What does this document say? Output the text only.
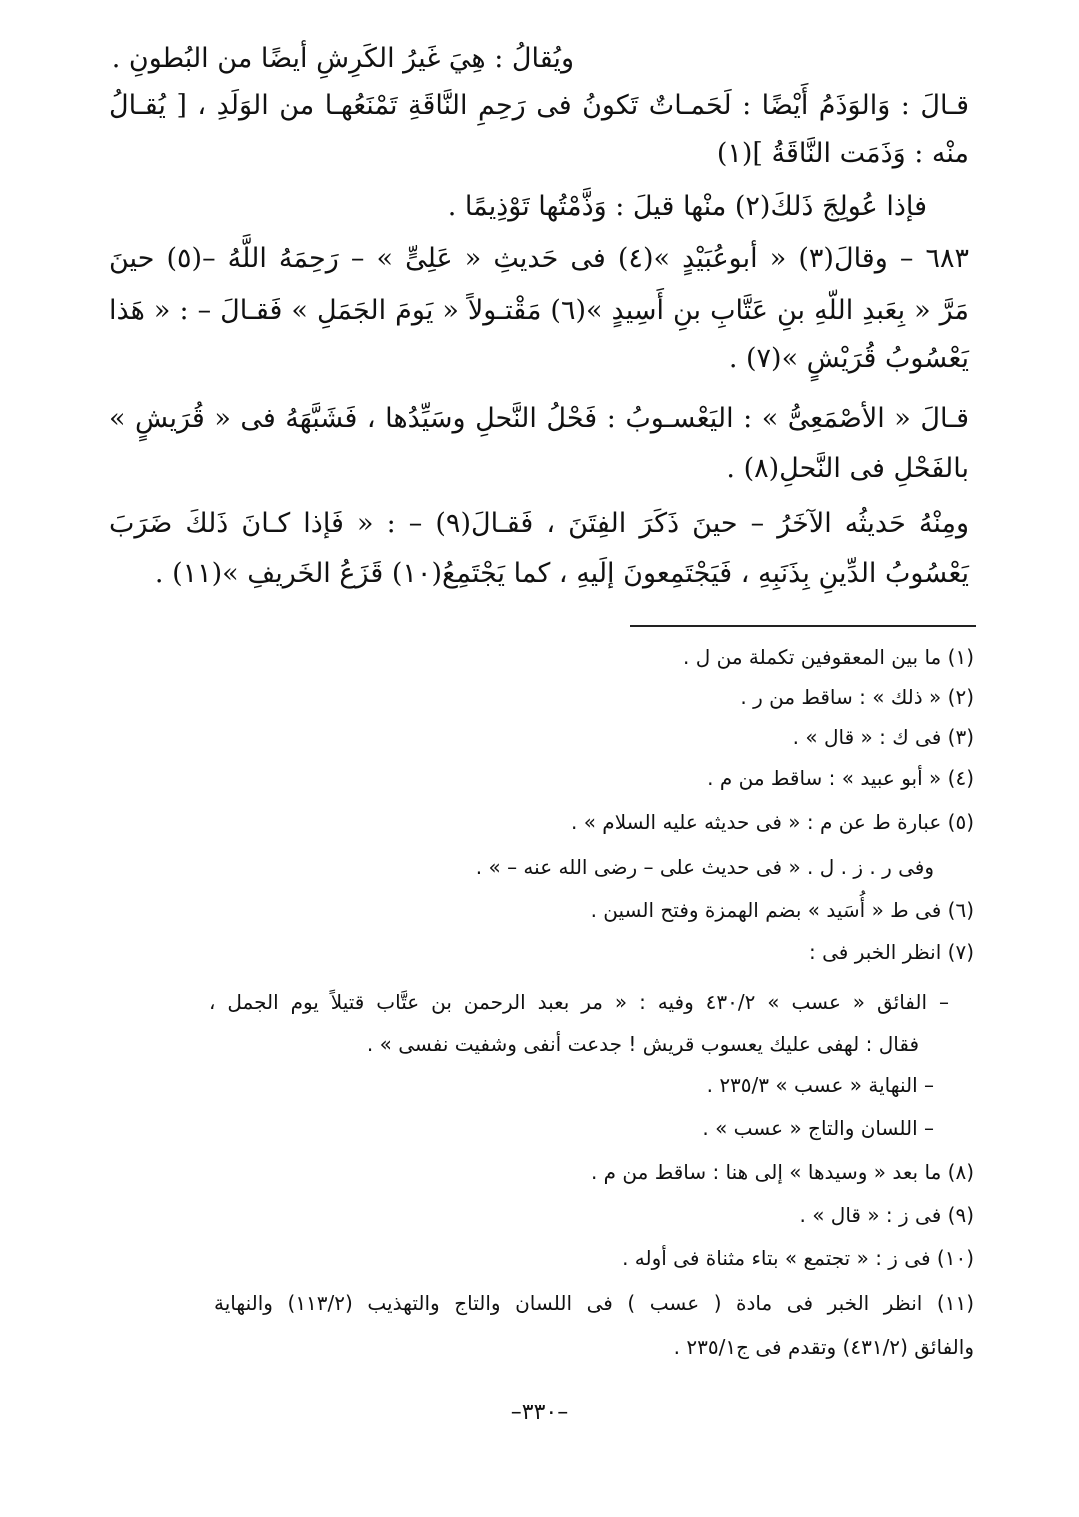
ويُقالُ : هِيَ غَيرُ الكَرِشِ أيضًا من البُطونِ .
قـالَ : وَالوَذَمُ أَيْضًا : لَحَمـاتٌ تَكونُ فى رَحِمِ النَّاقَةِ تَمْنَعُهـا من الوَلَدِ ، [ يُقـالُ
منْه : وَذَمَت النَّاقَةُ ](١)
فإذا عُولِجَ ذَلكَ(٢) منْها قيلَ : وَذَّمْتُها تَوْذِيمًا .
٦٨٣ – وقالَ(٣) « أبوعُبَيْدٍ »(٤) فى حَديثِ « عَلِىٍّ » – رَحِمَهُ اللَّهُ –(٥) حينَ
مَرَّ « بِعَبدِ اللّهِ بنِ عَتَّابِ بنِ أَسِيدٍ »(٦) مَقْتـولاً « يَومَ الجَمَلِ » فَقـالَ – : « هَذا
يَعْسُوبُ قُرَيْشٍ »(٧) .
قـالَ « الأصْمَعِىُّ » : اليَعْسـوبُ : فَحْلُ النَّحلِ وسَيِّدُها ، فَشَبَّهَهُ فى « قُرَيشٍ »
بالفَحْلِ فى النَّحلِ(٨) .
ومِنْهُ حَديثُه الآخَرُ – حينَ ذَكَرَ الفِتَنَ ، فَقـالَ(٩) – : « فَإذا كـانَ ذَلكَ ضَرَبَ
يَعْسُوبُ الدِّينِ بِذَنَبِهِ ، فَيَجْتَمِعونَ إلَيهِ ، كما يَجْتَمِعُ(١٠) قَزَعُ الخَريفِ »(١١) .
(١) ما بين المعقوفين تكملة من ل .
(٢) « ذلك » : ساقط من ر .
(٣) فى ك : « قال » .
(٤) « أبو عبيد » : ساقط من م .
(٥) عبارة ط عن م : « فى حديثه عليه السلام » .
وفى ر . ز . ل . « فى حديث على – رضى الله عنه – » .
(٦) فى ط « أُسَيد » بضم الهمزة وفتح السين .
(٧) انظر الخبر فى :
– الفائق « عسب » ٤٣٠/٢ وفيه : « مر بعبد الرحمن بن عتَّاب قتيلاً يوم الجمل ،
فقال : لهفى عليك يعسوب قريش ! جدعت أنفى وشفيت نفسى » .
– النهاية « عسب » ٢٣٥/٣ .
– اللسان والتاج « عسب » .
(٨) ما بعد « وسيدها » إلى هنا : ساقط من م .
(٩) فى ز : « قال » .
(١٠) فى ز : « تجتمع » بتاء مثناة فى أوله .
(١١) انظر الخبر فى مادة ( عسب ) فى اللسان والتاج والتهذيب (١١٣/٢) والنهاية
والفائق (٤٣١/٢) وتقدم فى ج٢٣٥/١ .
–٣٣٠–
